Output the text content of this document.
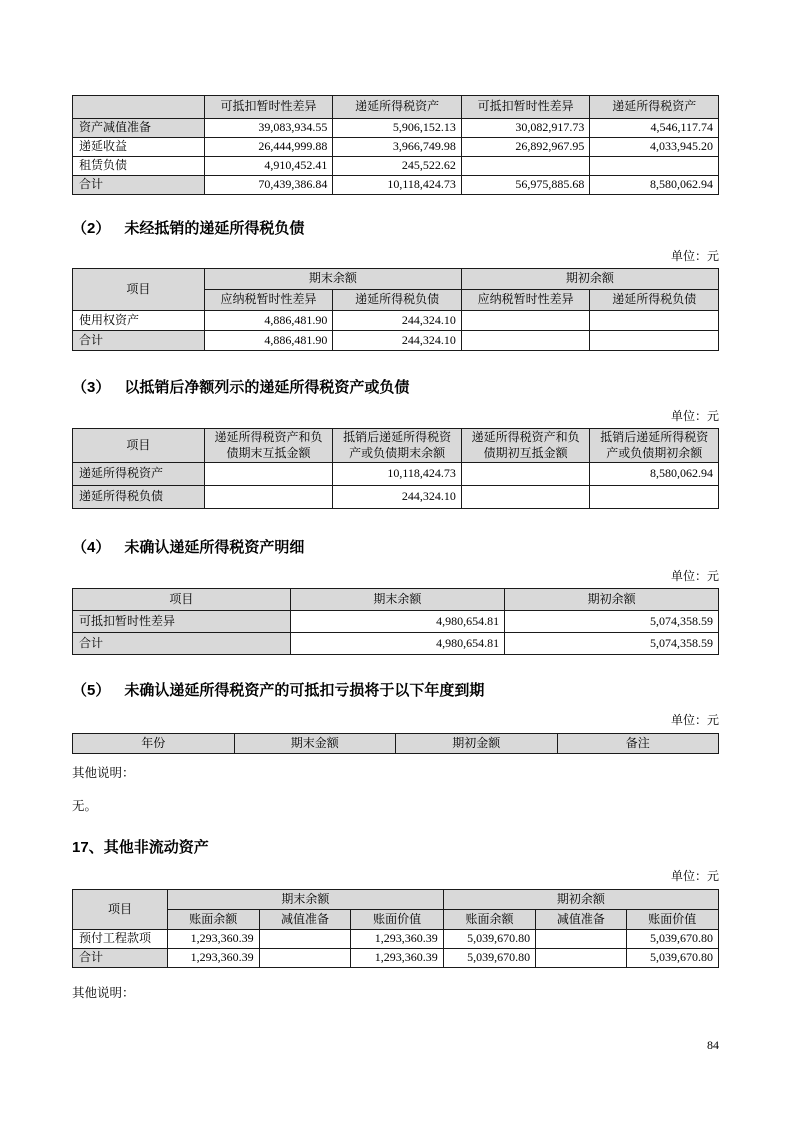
	可抵扣暂时性差异	递延所得税资产	可抵扣暂时性差异	递延所得税资产
资产减值准备	39,083,934.55	5,906,152.13	30,082,917.73	4,546,117.74
递延收益	26,444,999.88	3,966,749.98	26,892,967.95	4,033,945.20
租赁负债	4,910,452.41	245,522.62		
合计	70,439,386.84	10,118,424.73	56,975,885.68	8,580,062.94
（2） 未经抵销的递延所得税负债
单位：元
项目	期末余额		期初余额	
	应纳税暂时性差异	递延所得税负债	应纳税暂时性差异	递延所得税负债
使用权资产	4,886,481.90	244,324.10		
合计	4,886,481.90	244,324.10		
（3） 以抵销后净额列示的递延所得税资产或负债
单位：元
项目	递延所得税资产和负债期末互抵金额	抵销后递延所得税资产或负债期末余额	递延所得税资产和负债期初互抵金额	抵销后递延所得税资产或负债期初余额
递延所得税资产		10,118,424.73		8,580,062.94
递延所得税负债		244,324.10		
（4） 未确认递延所得税资产明细
单位：元
项目	期末余额	期初余额
可抵扣暂时性差异	4,980,654.81	5,074,358.59
合计	4,980,654.81	5,074,358.59
（5） 未确认递延所得税资产的可抵扣亏损将于以下年度到期
单位：元
年份	期末金额	期初金额	备注
其他说明：
无。
17、其他非流动资产
单位：元
项目	期末余额			期初余额		
	账面余额	减值准备	账面价值	账面余额	减值准备	账面价值
预付工程款项	1,293,360.39		1,293,360.39	5,039,670.80		5,039,670.80
合计	1,293,360.39		1,293,360.39	5,039,670.80		5,039,670.80
其他说明：
84
